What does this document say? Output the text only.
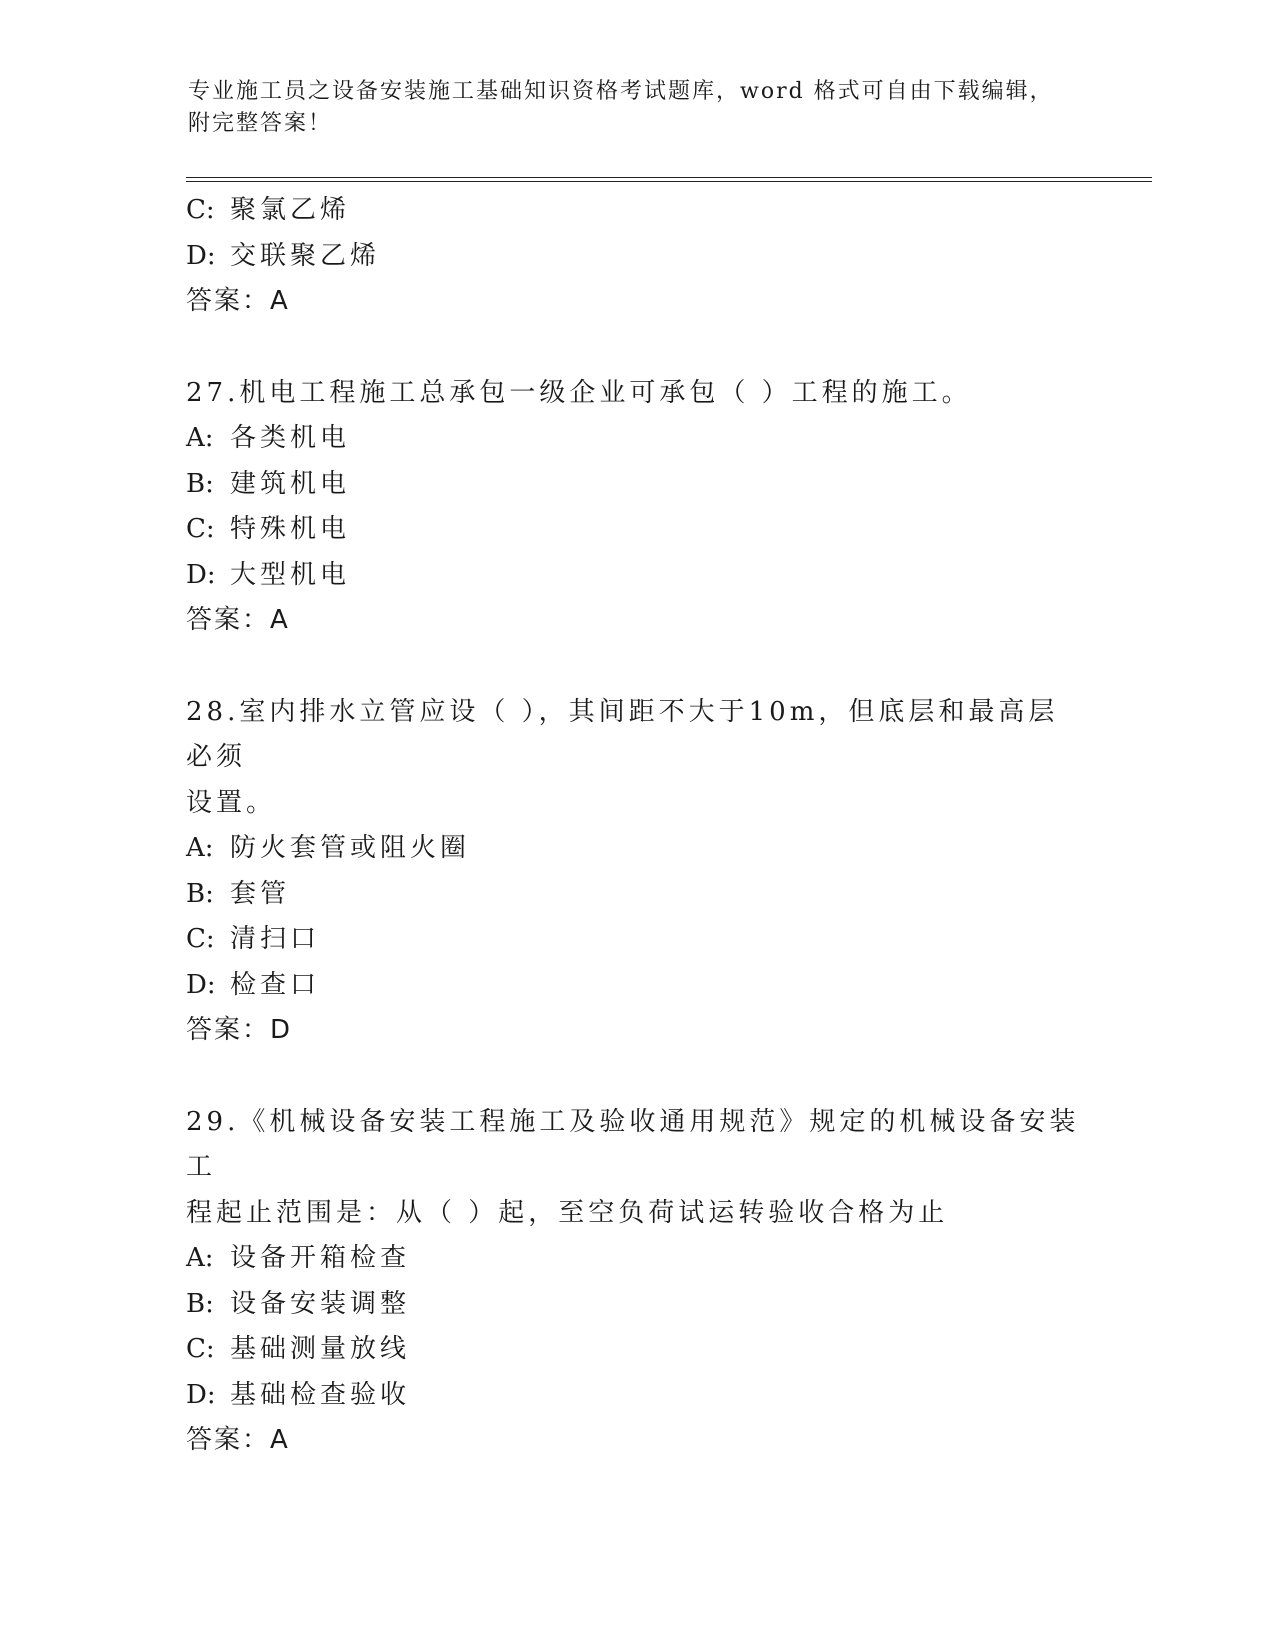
专业施工员之设备安装施工基础知识资格考试题库，word 格式可自由下载编辑，
附完整答案！
C: 聚氯乙烯
D: 交联聚乙烯
答案：A
27.机电工程施工总承包一级企业可承包（ ）工程的施工。
A: 各类机电
B: 建筑机电
C: 特殊机电
D: 大型机电
答案：A
28.室内排水立管应设（ ），其间距不大于10m，但底层和最高层必须
设置。
A: 防火套管或阻火圈
B: 套管
C: 清扫口
D: 检查口
答案：D
29.《机械设备安装工程施工及验收通用规范》规定的机械设备安装工
程起止范围是：从（ ）起，至空负荷试运转验收合格为止
A: 设备开箱检查
B: 设备安装调整
C: 基础测量放线
D: 基础检查验收
答案：A
